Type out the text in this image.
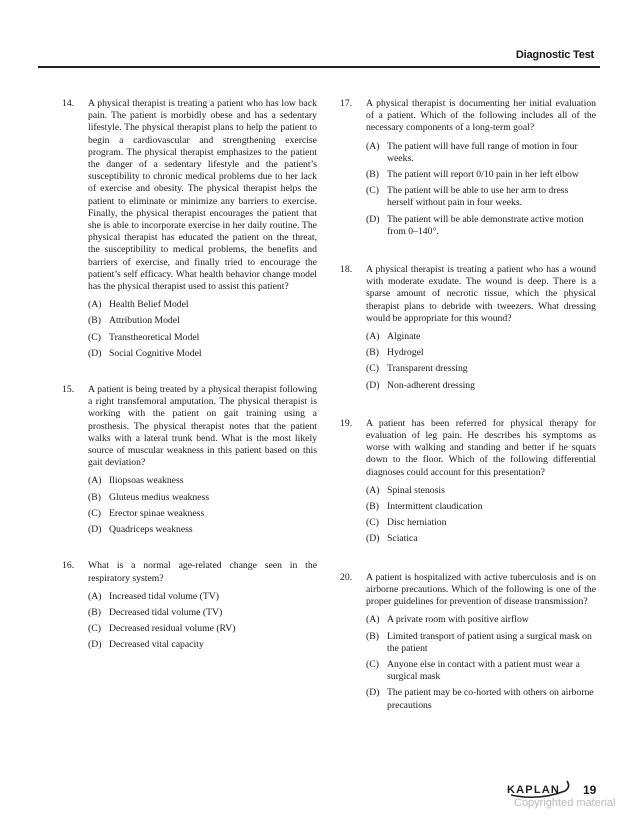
Diagnostic Test
14. A physical therapist is treating a patient who has low back pain. The patient is morbidly obese and has a sedentary lifestyle. The physical therapist plans to help the patient to begin a cardiovascular and strengthening exercise program. The physical therapist emphasizes to the patient the danger of a sedentary lifestyle and the patient’s susceptibility to chronic medical problems due to her lack of exercise and obesity. The physical therapist helps the patient to eliminate or minimize any barriers to exercise. Finally, the physical therapist encourages the patient that she is able to incorporate exercise in her daily routine. The physical therapist has educated the patient on the threat, the susceptibility to medical problems, the benefits and barriers of exercise, and finally tried to encourage the patient’s self efficacy. What health behavior change model has the physical therapist used to assist this patient?

(A) Health Belief Model
(B) Attribution Model
(C) Transtheoretical Model
(D) Social Cognitive Model
15. A patient is being treated by a physical therapist following a right transfemoral amputation. The physical therapist is working with the patient on gait training using a prosthesis. The physical therapist notes that the patient walks with a lateral trunk bend. What is the most likely source of muscular weakness in this patient based on this gait deviation?

(A) Iliopsoas weakness
(B) Gluteus medius weakness
(C) Erector spinae weakness
(D) Quadriceps weakness
16. What is a normal age-related change seen in the respiratory system?

(A) Increased tidal volume (TV)
(B) Decreased tidal volume (TV)
(C) Decreased residual volume (RV)
(D) Decreased vital capacity
17. A physical therapist is documenting her initial evaluation of a patient. Which of the following includes all of the necessary components of a long-term goal?

(A) The patient will have full range of motion in four weeks.
(B) The patient will report 0/10 pain in her left elbow
(C) The patient will be able to use her arm to dress herself without pain in four weeks.
(D) The patient will be able demonstrate active motion from 0–140°.
18. A physical therapist is treating a patient who has a wound with moderate exudate. The wound is deep. There is a sparse amount of necrotic tissue, which the physical therapist plans to debride with tweezers. What dressing would be appropriate for this wound?

(A) Alginate
(B) Hydrogel
(C) Transparent dressing
(D) Non-adherent dressing
19. A patient has been referred for physical therapy for evaluation of leg pain. He describes his symptoms as worse with walking and standing and better if he squats down to the floor. Which of the following differential diagnoses could account for this presentation?

(A) Spinal stenosis
(B) Intermittent claudication
(C) Disc herniation
(D) Sciatica
20. A patient is hospitalized with active tuberculosis and is on airborne precautions. Which of the following is one of the proper guidelines for prevention of disease transmission?

(A) A private room with positive airflow
(B) Limited transport of patient using a surgical mask on the patient
(C) Anyone else in contact with a patient must wear a surgical mask
(D) The patient may be co-horted with others on airborne precautions
KAPLAN 19
Copyrighted material
